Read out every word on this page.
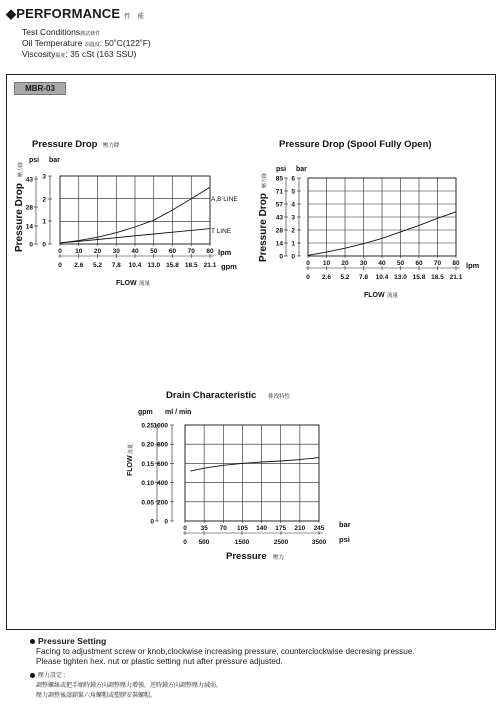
◆PERFORMANCE 性 能
Test Conditions測試條件
Oil Temperature 油溫度: 50˚C(122˚F)
Viscosity黏度: 35 cSt (163 SSU)
MBR-03
Pressure Drop 壓力降
psi bar
Pressure Drop
壓力降
43
28
14
0
3
2
1
0
0 10 20 30 40 50 60 70 80
0 2.6 5.2 7.8 10.4 13.0 15.8 18.5 21.1
A,B LINE
T LINE
lpm
gpm
FLOW 流量
Pressure Drop (Spool Fully Open)
psi bar
Pressure Drop
壓力降 85
71
57
43
28
14
0
6
5
4
3
2
1
0
0 10 20 30 40 50 60 70 80
0 2.6 5.2 7.8 10.4 13.0 15.8 18.5 21.1
lpm
FLOW 流量
Drain Characteristic 排洩特性
gpm ml / min
FLOW
流量
0.25
0.20
0.15
0.10
0.05
0
1000
800
600
400
200
0
0 35 70 105 140 175 210 245
0 500	1500	2500	3500
bar
psi
Pressure 壓力
Pressure Setting
Facing to adjustment screw or knob,clockwise increasing pressure, counterclockwise decresing pressue.
Please tighten hex. nut or plastic setting nut after pressure adjusted.
壓力設定 :
調整螺絲或把手順時鐘方向調整壓力增強，逆時鐘方向調整壓力減弱。
壓力調整後請鎖緊六角螺帽或塑膠安裝螺帽。
